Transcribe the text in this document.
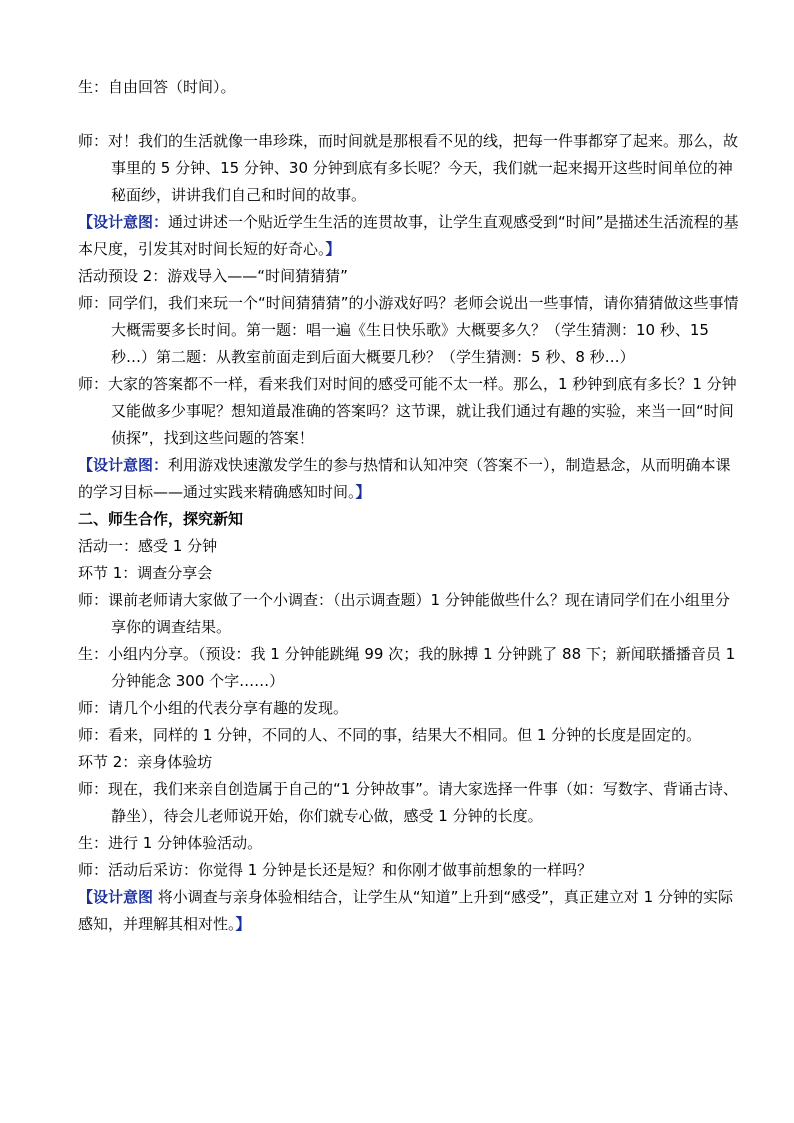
生：自由回答（时间）。

师：对！我们的生活就像一串珍珠，而时间就是那根看不见的线，把每一件事都穿了起来。那么，故事里的 5 分钟、15 分钟、30 分钟到底有多长呢？今天，我们就一起来揭开这些时间单位的神秘面纱，讲讲我们自己和时间的故事。

【设计意图：通过讲述一个贴近学生生活的连贯故事，让学生直观感受到“时间”是描述生活流程的基本尺度，引发其对时间长短的好奇心。】

活动预设 2：游戏导入——“时间猜猜猜”

师：同学们，我们来玩一个“时间猜猜猜”的小游戏好吗？老师会说出一些事情，请你猜猜做这些事情大概需要多长时间。第一题：唱一遍《生日快乐歌》大概要多久？（学生猜测：10 秒、15 秒…）第二题：从教室前面走到后面大概要几秒？（学生猜测：5 秒、8 秒…）

师：大家的答案都不一样，看来我们对时间的感受可能不太一样。那么，1 秒钟到底有多长？1 分钟又能做多少事呢？想知道最准确的答案吗？这节课，就让我们通过有趣的实验，来当一回“时间侦探”，找到这些问题的答案！

【设计意图：利用游戏快速激发学生的参与热情和认知冲突（答案不一），制造悬念，从而明确本课的学习目标——通过实践来精确感知时间。】

二、师生合作，探究新知

活动一：感受 1 分钟

环节 1：调查分享会

师：课前老师请大家做了一个小调查：（出示调查题）1 分钟能做些什么？现在请同学们在小组里分享你的调查结果。

生：小组内分享。（预设：我 1 分钟能跳绳 99 次；我的脉搏 1 分钟跳了 88 下；新闻联播播音员 1 分钟能念 300 个字……）

师：请几个小组的代表分享有趣的发现。

师：看来，同样的 1 分钟，不同的人、不同的事，结果大不相同。但 1 分钟的长度是固定的。

环节 2：亲身体验坊

师：现在，我们来亲自创造属于自己的“1 分钟故事”。请大家选择一件事（如：写数字、背诵古诗、静坐），待会儿老师说开始，你们就专心做，感受 1 分钟的长度。

生：进行 1 分钟体验活动。

师：活动后采访：你觉得 1 分钟是长还是短？和你刚才做事前想象的一样吗？

【设计意图 将小调查与亲身体验相结合，让学生从“知道”上升到“感受”，真正建立对 1 分钟的实际感知，并理解其相对性。】
